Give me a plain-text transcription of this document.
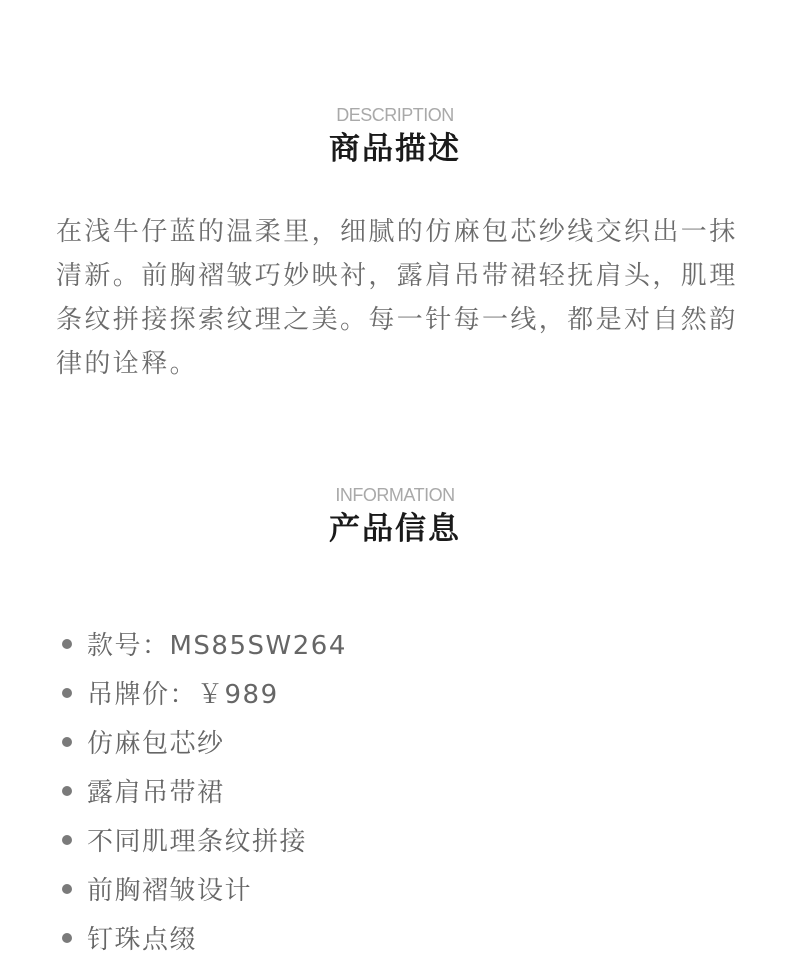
DESCRIPTION
商品描述

在浅牛仔蓝的温柔里，细腻的仿麻包芯纱线交织出一抹清新。前胸褶皱巧妙映衬，露肩吊带裙轻抚肩头，肌理条纹拼接探索纹理之美。每一针每一线，都是对自然韵律的诠释。

INFORMATION
产品信息
款号：MS85SW264
吊牌价：￥989
仿麻包芯纱
露肩吊带裙
不同肌理条纹拼接
前胸褶皱设计
钉珠点缀
